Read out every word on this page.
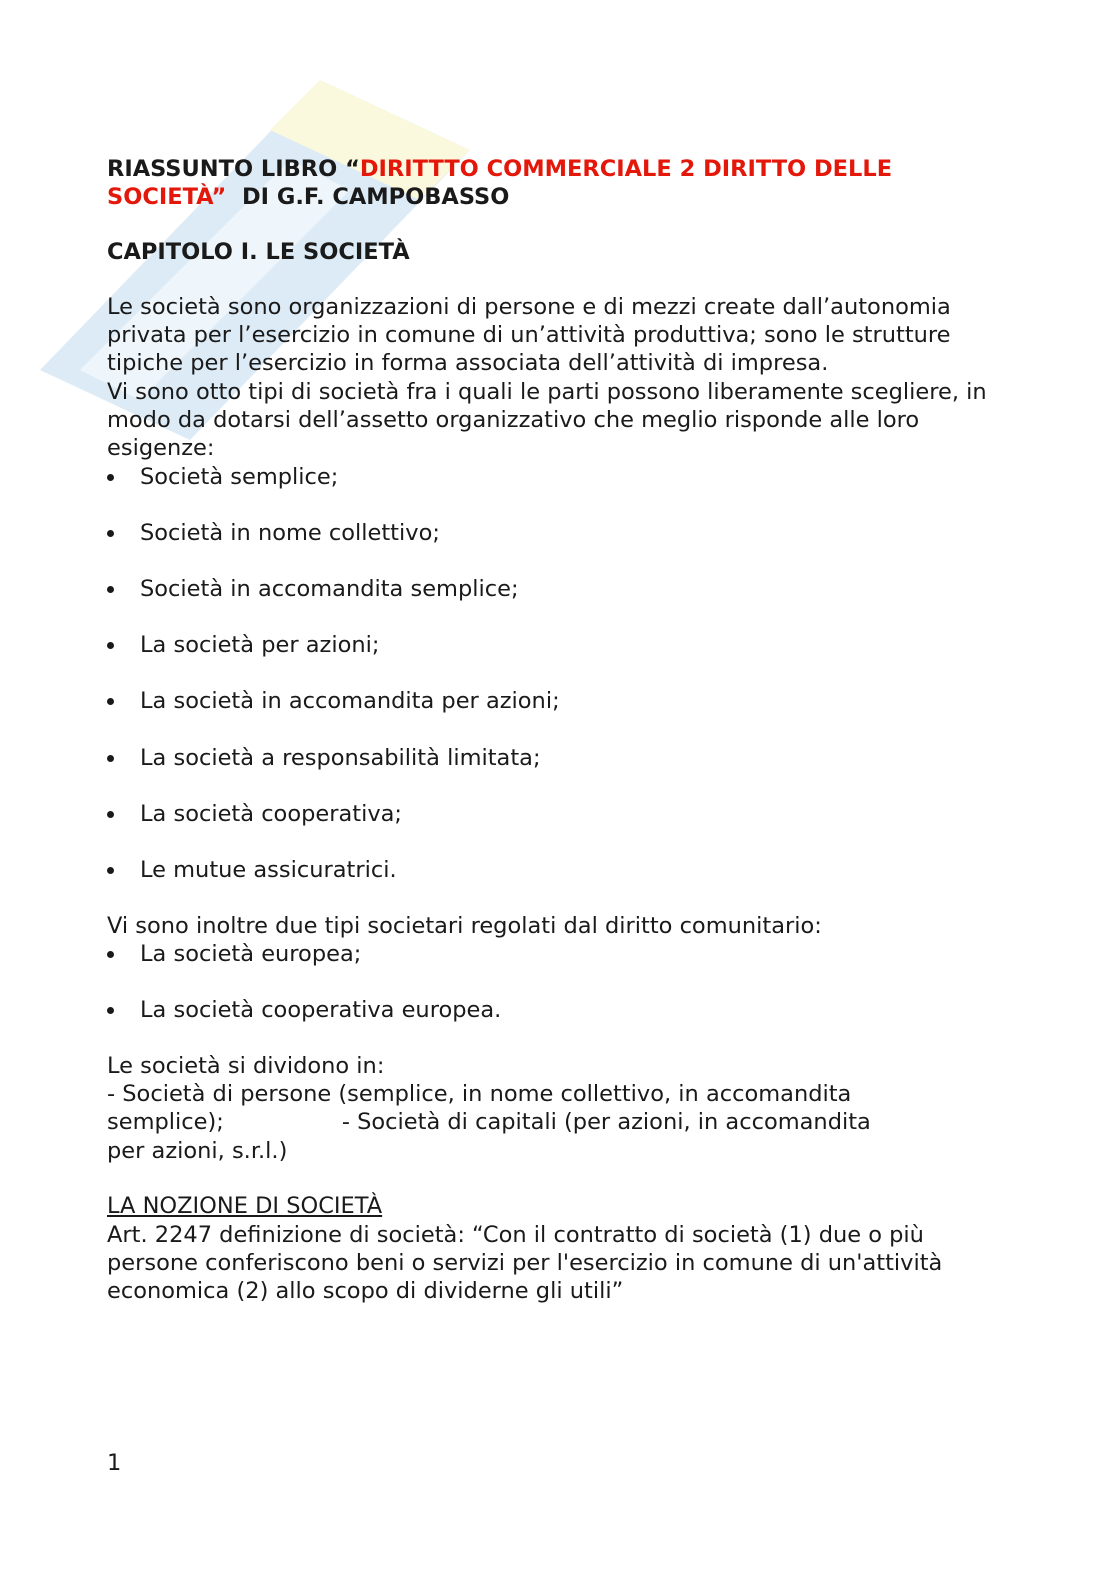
RIASSUNTO LIBRO “DIRITTTO COMMERCIALE 2 DIRITTO DELLE SOCIETÀ”  DI G.F. CAMPOBASSO

CAPITOLO I. LE SOCIETÀ

Le società sono organizzazioni di persone e di mezzi create dall’autonomia privata per l’esercizio in comune di un’attività produttiva; sono le strutture tipiche per l’esercizio in forma associata dell’attività di impresa.

Vi sono otto tipi di società fra i quali le parti possono liberamente scegliere, in modo da dotarsi dell’assetto organizzativo che meglio risponde alle loro esigenze:

Società semplice;
Società in nome collettivo;
Società in accomandita semplice;
La società per azioni;
La società in accomandita per azioni;
La società a responsabilità limitata;
La società cooperativa;
Le mutue assicuratrici.

Vi sono inoltre due tipi societari regolati dal diritto comunitario:

La società europea;
La società cooperativa europea.

Le società si dividono in:

- Società di persone (semplice, in nome collettivo, in accomandita

semplice);	- Società di capitali (per azioni, in accomandita

per azioni, s.r.l.)

LA NOZIONE DI SOCIETÀ

Art. 2247 definizione di società: “Con il contratto di società (1) due o più persone conferiscono beni o servizi per l'esercizio in comune di un'attività economica (2) allo scopo di dividerne gli utili”

1
